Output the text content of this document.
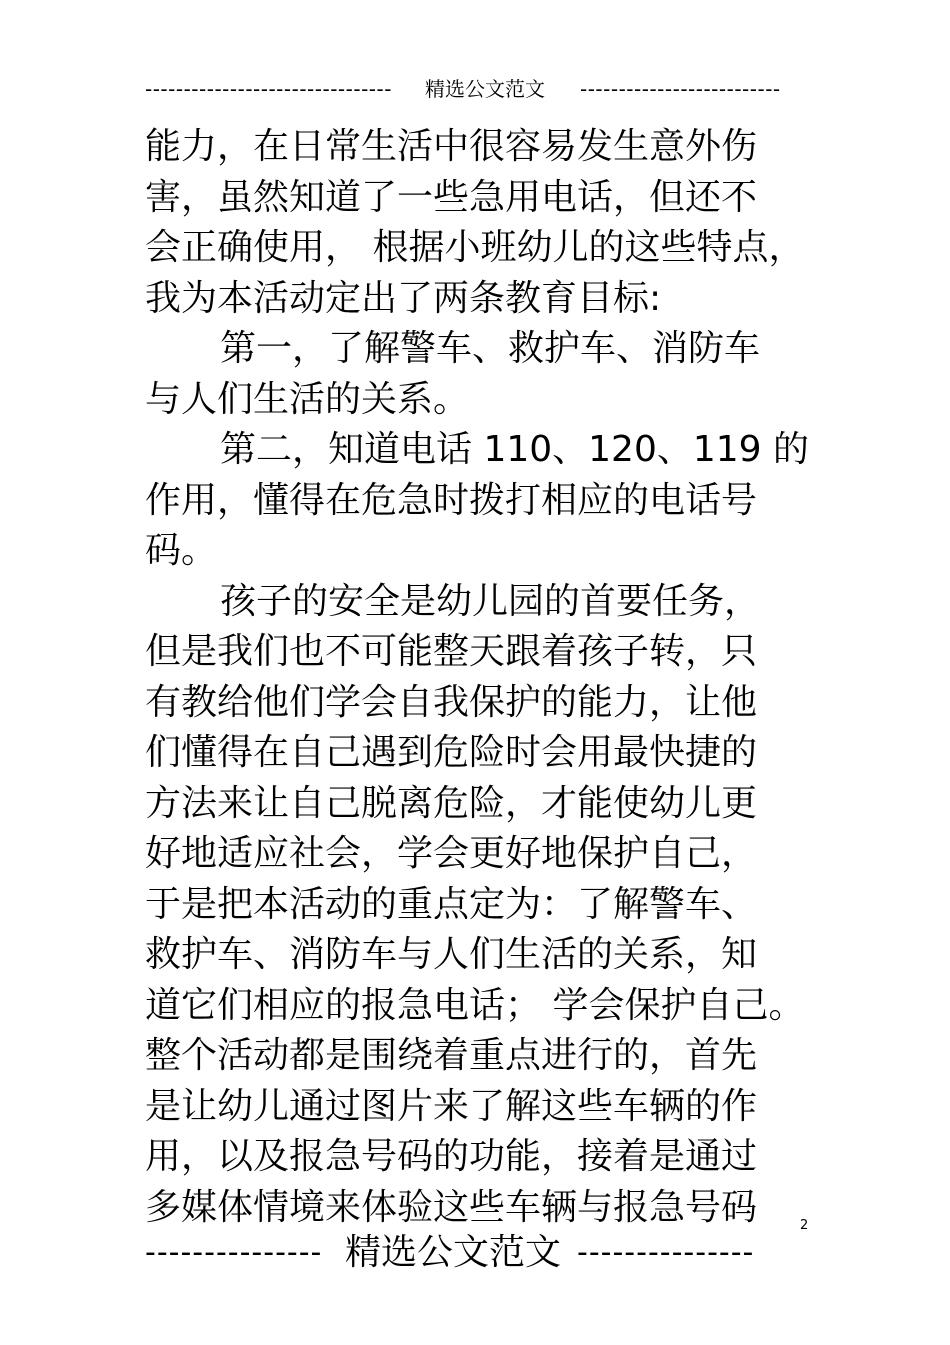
-------------------------------- 精选公文范文 --------------------------
能力，在日常生活中很容易发生意外伤
害，虽然知道了一些急用电话，但还不
会正确使用， 根据小班幼儿的这些特点，
我为本活动定出了两条教育目标:
第一，了解警车、救护车、消防车
与人们生活的关系。
第二，知道电话 110、120、119 的
作用，懂得在危急时拨打相应的电话号
码。
孩子的安全是幼儿园的首要任务，
但是我们也不可能整天跟着孩子转，只
有教给他们学会自我保护的能力，让他
们懂得在自己遇到危险时会用最快捷的
方法来让自己脱离危险，才能使幼儿更
好地适应社会，学会更好地保护自己，
于是把本活动的重点定为：了解警车、
救护车、消防车与人们生活的关系，知
道它们相应的报急电话； 学会保护自己。
整个活动都是围绕着重点进行的，首先
是让幼儿通过图片来了解这些车辆的作
用，以及报急号码的功能，接着是通过
多媒体情境来体验这些车辆与报急号码	2
--------------- 精选公文范文 ---------------
